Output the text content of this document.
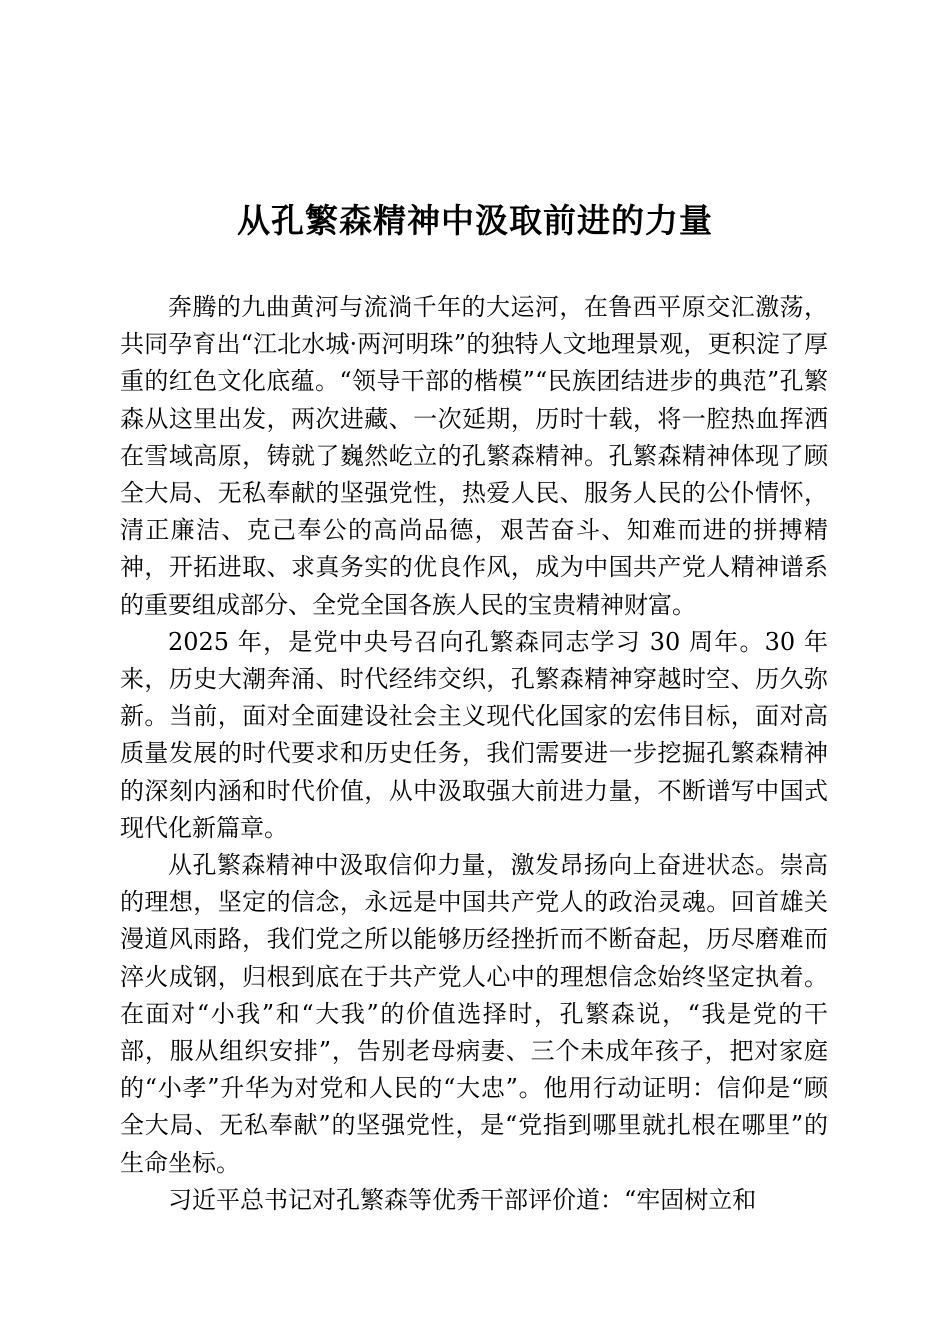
从孔繁森精神中汲取前进的力量

奔腾的九曲黄河与流淌千年的大运河，在鲁西平原交汇激荡，共同孕育出“江北水城·两河明珠”的独特人文地理景观，更积淀了厚重的红色文化底蕴。“领导干部的楷模”“民族团结进步的典范”孔繁森从这里出发，两次进藏、一次延期，历时十载，将一腔热血挥洒在雪域高原，铸就了巍然屹立的孔繁森精神。孔繁森精神体现了顾全大局、无私奉献的坚强党性，热爱人民、服务人民的公仆情怀，清正廉洁、克己奉公的高尚品德，艰苦奋斗、知难而进的拼搏精神，开拓进取、求真务实的优良作风，成为中国共产党人精神谱系的重要组成部分、全党全国各族人民的宝贵精神财富。

2025 年，是党中央号召向孔繁森同志学习 30 周年。30 年来，历史大潮奔涌、时代经纬交织，孔繁森精神穿越时空、历久弥新。当前，面对全面建设社会主义现代化国家的宏伟目标，面对高质量发展的时代要求和历史任务，我们需要进一步挖掘孔繁森精神的深刻内涵和时代价值，从中汲取强大前进力量，不断谱写中国式现代化新篇章。

从孔繁森精神中汲取信仰力量，激发昂扬向上奋进状态。崇高的理想，坚定的信念，永远是中国共产党人的政治灵魂。回首雄关漫道风雨路，我们党之所以能够历经挫折而不断奋起，历尽磨难而淬火成钢，归根到底在于共产党人心中的理想信念始终坚定执着。在面对“小我”和“大我”的价值选择时，孔繁森说，“我是党的干部，服从组织安排”，告别老母病妻、三个未成年孩子，把对家庭的“小孝”升华为对党和人民的“大忠”。他用行动证明：信仰是“顾全大局、无私奉献”的坚强党性，是“党指到哪里就扎根在哪里”的生命坐标。

习近平总书记对孔繁森等优秀干部评价道：“牢固树立和
